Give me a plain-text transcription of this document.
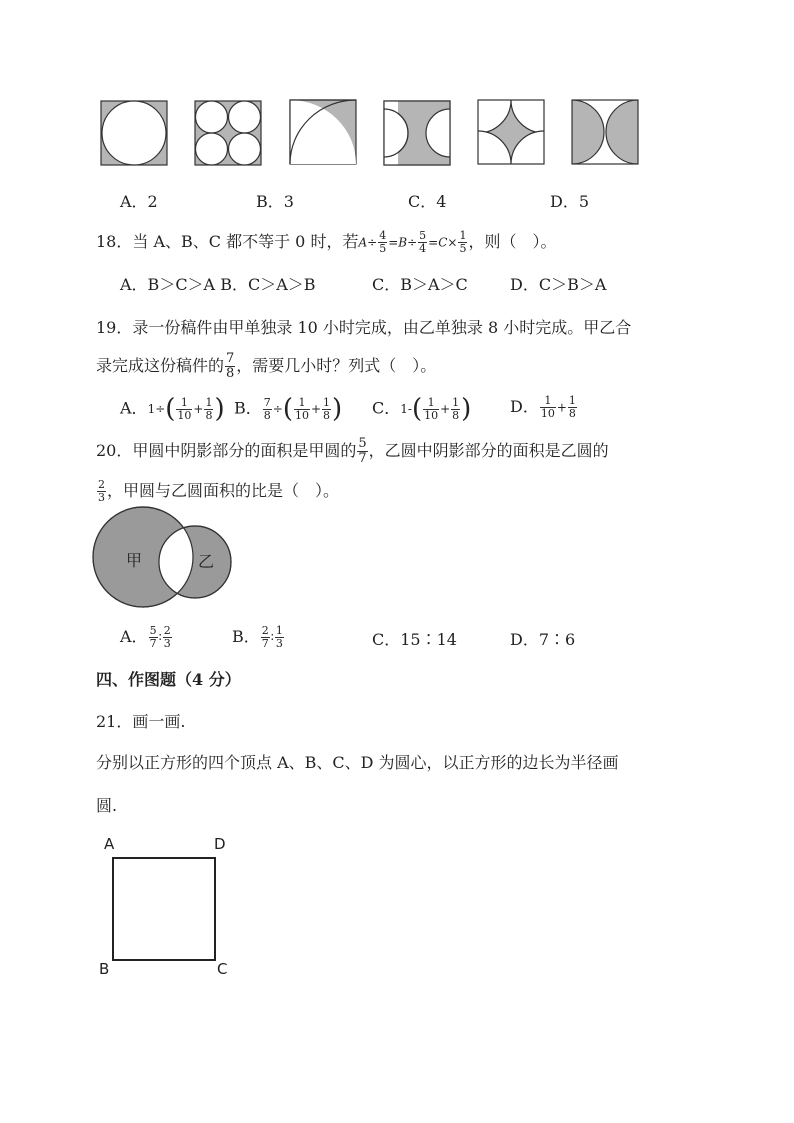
A．2	B．3	C．4	D．5
18．当 A、B、C 都不等于 0 时，若$A\div \frac{4}{5} =B\div \frac{5}{4} =C\times \frac{1}{5}$ ，则（　）。
A．B＞C＞A B．C＞A＞B	C．B＞A＞C	D．C＞B＞A
19．录一份稿件由甲单独录 10 小时完成，由乙单独录 8 小时完成。甲乙合
录完成这份稿件的 $\frac{7}{8}$ ，需要几小时？列式（　）。
A．$1\div( \frac{1}{10} + \frac{1}{8}$ ) B． $\frac{7}{8}$ ÷( $\frac{1}{10} + \frac{1}{8}$ ) C．$1-( \frac{1}{10} + \frac{1}{8}$ ) D． $\frac{1}{10} + \frac{1}{8}$
20．甲圆中阴影部分的面积是甲圆的 $\frac{5}{7}$ ，乙圆中阴影部分的面积是乙圆的
$\frac{2}{3}$ ，甲圆与乙圆面积的比是（　）。
甲	乙
A． $\frac{5}{7}$ ∶ $\frac{2}{3}$	B． $\frac{2}{7}$ ∶ $\frac{1}{3}$	C．15∶14	D．7∶6
四、作图题（4 分）
21．画一画.
分别以正方形的四个顶点 A、B、C、D 为圆心，以正方形的边长为半径画
圆.
A	D
B	C
